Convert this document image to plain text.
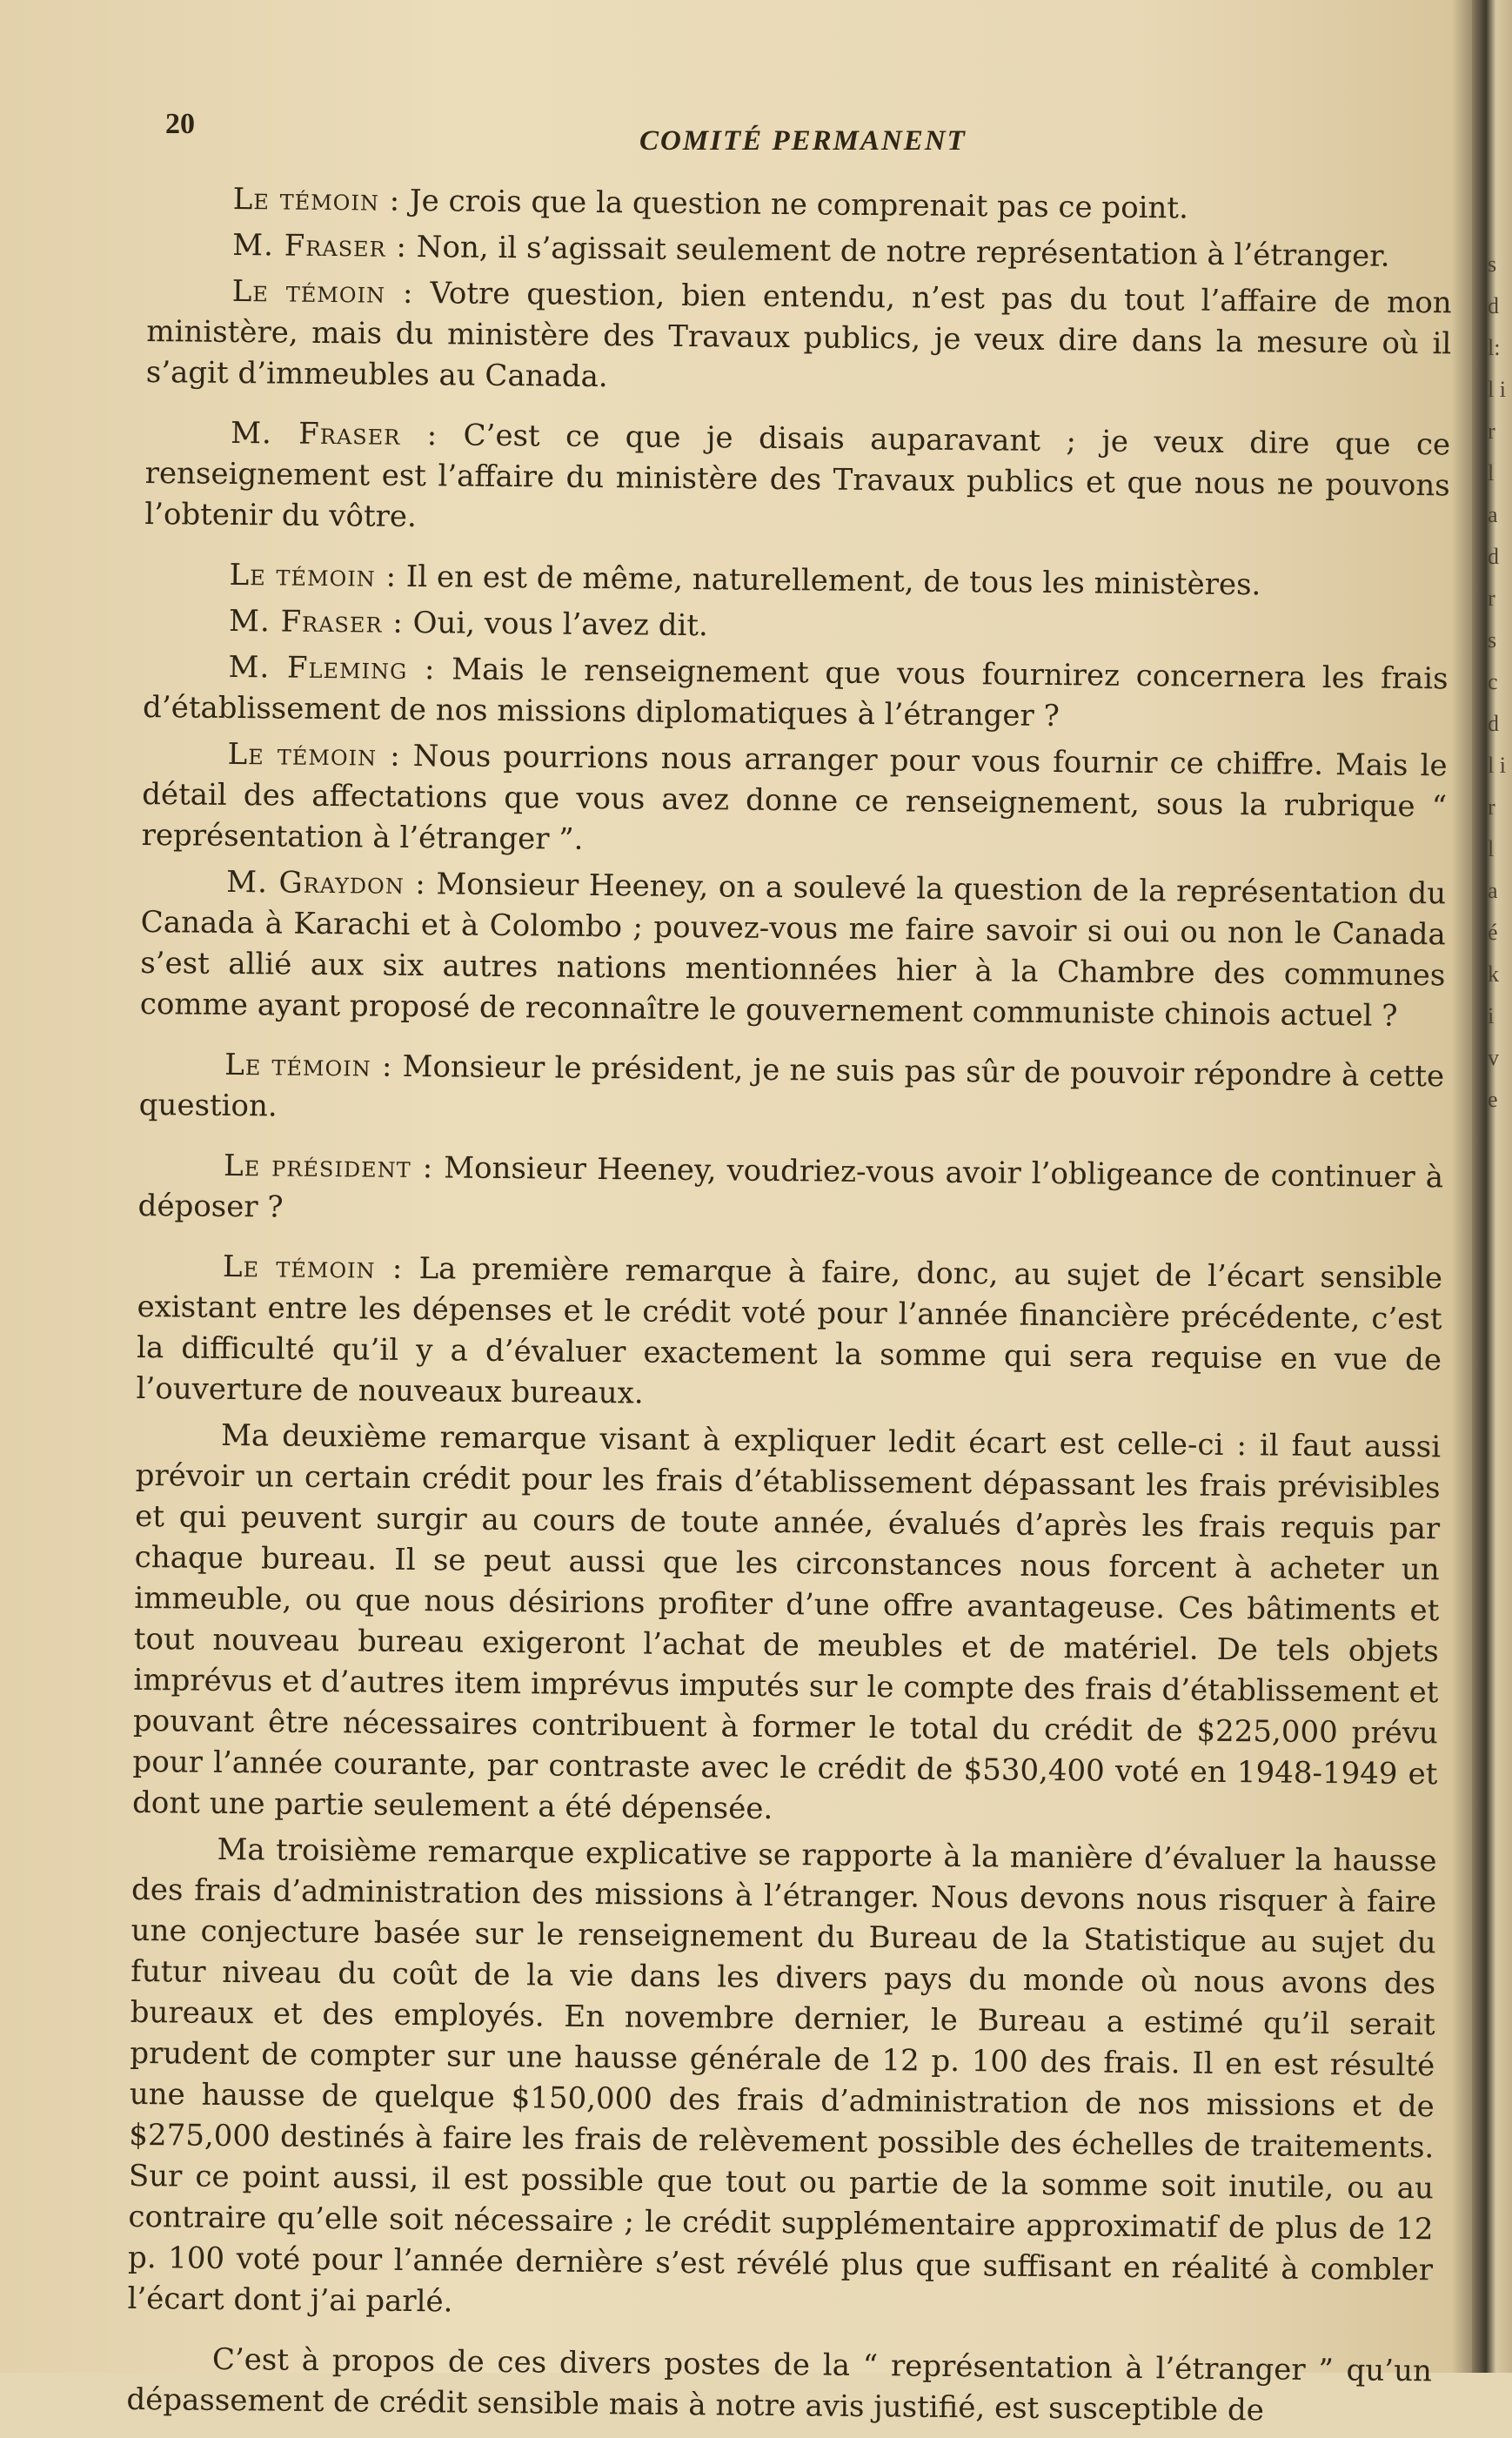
s d l: l i r l a d r s c d l i r l a é k i v e
20
COMITÉ PERMANENT

Le témoin : Je crois que la question ne comprenait pas ce point.

M. Fraser : Non, il s’agissait seulement de notre représentation à l’étranger.

Le témoin : Votre question, bien entendu, n’est pas du tout l’affaire de mon ministère, mais du ministère des Travaux publics, je veux dire dans la mesure où il s’agit d’immeubles au Canada.

M. Fraser : C’est ce que je disais auparavant ; je veux dire que ce renseignement est l’affaire du ministère des Travaux publics et que nous ne pouvons l’obtenir du vôtre.

Le témoin : Il en est de même, naturellement, de tous les ministères.

M. Fraser : Oui, vous l’avez dit.

M. Fleming : Mais le renseignement que vous fournirez concernera les frais d’établissement de nos missions diplomatiques à l’étranger ?

Le témoin : Nous pourrions nous arranger pour vous fournir ce chiffre. Mais le détail des affectations que vous avez donne ce renseignement, sous la rubrique “ représentation à l’étranger ”.

M. Graydon : Monsieur Heeney, on a soulevé la question de la représentation du Canada à Karachi et à Colombo ; pouvez-vous me faire savoir si oui ou non le Canada s’est allié aux six autres nations mentionnées hier à la Chambre des communes comme ayant proposé de reconnaître le gouvernement communiste chinois actuel ?

Le témoin : Monsieur le président, je ne suis pas sûr de pouvoir répondre à cette question.

Le président : Monsieur Heeney, voudriez-vous avoir l’obligeance de continuer à déposer ?

Le témoin : La première remarque à faire, donc, au sujet de l’écart sensible existant entre les dépenses et le crédit voté pour l’année financière précédente, c’est la difficulté qu’il y a d’évaluer exactement la somme qui sera requise en vue de l’ouverture de nouveaux bureaux.

Ma deuxième remarque visant à expliquer ledit écart est celle-ci : il faut aussi prévoir un certain crédit pour les frais d’établissement dépassant les frais prévisibles et qui peuvent surgir au cours de toute année, évalués d’après les frais requis par chaque bureau. Il se peut aussi que les circonstances nous forcent à acheter un immeuble, ou que nous désirions profiter d’une offre avantageuse. Ces bâtiments et tout nouveau bureau exigeront l’achat de meubles et de matériel. De tels objets imprévus et d’autres item imprévus imputés sur le compte des frais d’établissement et pouvant être nécessaires contribuent à former le total du crédit de $225,000 prévu pour l’année courante, par contraste avec le crédit de $530,400 voté en 1948-1949 et dont une partie seulement a été dépensée.

Ma troisième remarque explicative se rapporte à la manière d’évaluer la hausse des frais d’administration des missions à l’étranger. Nous devons nous risquer à faire une conjecture basée sur le renseignement du Bureau de la Statistique au sujet du futur niveau du coût de la vie dans les divers pays du monde où nous avons des bureaux et des employés. En novembre dernier, le Bureau a estimé qu’il serait prudent de compter sur une hausse générale de 12 p. 100 des frais. Il en est résulté une hausse de quelque $150,000 des frais d’administration de nos missions et de $275,000 destinés à faire les frais de relèvement possible des échelles de traitements. Sur ce point aussi, il est possible que tout ou partie de la somme soit inutile, ou au contraire qu’elle soit nécessaire ; le crédit supplémentaire approximatif de plus de 12 p. 100 voté pour l’année dernière s’est révélé plus que suffisant en réalité à combler l’écart dont j’ai parlé.

C’est à propos de ces divers postes de la “ représentation à l’étranger ” qu’un dépassement de crédit sensible mais à notre avis justifié, est susceptible de
